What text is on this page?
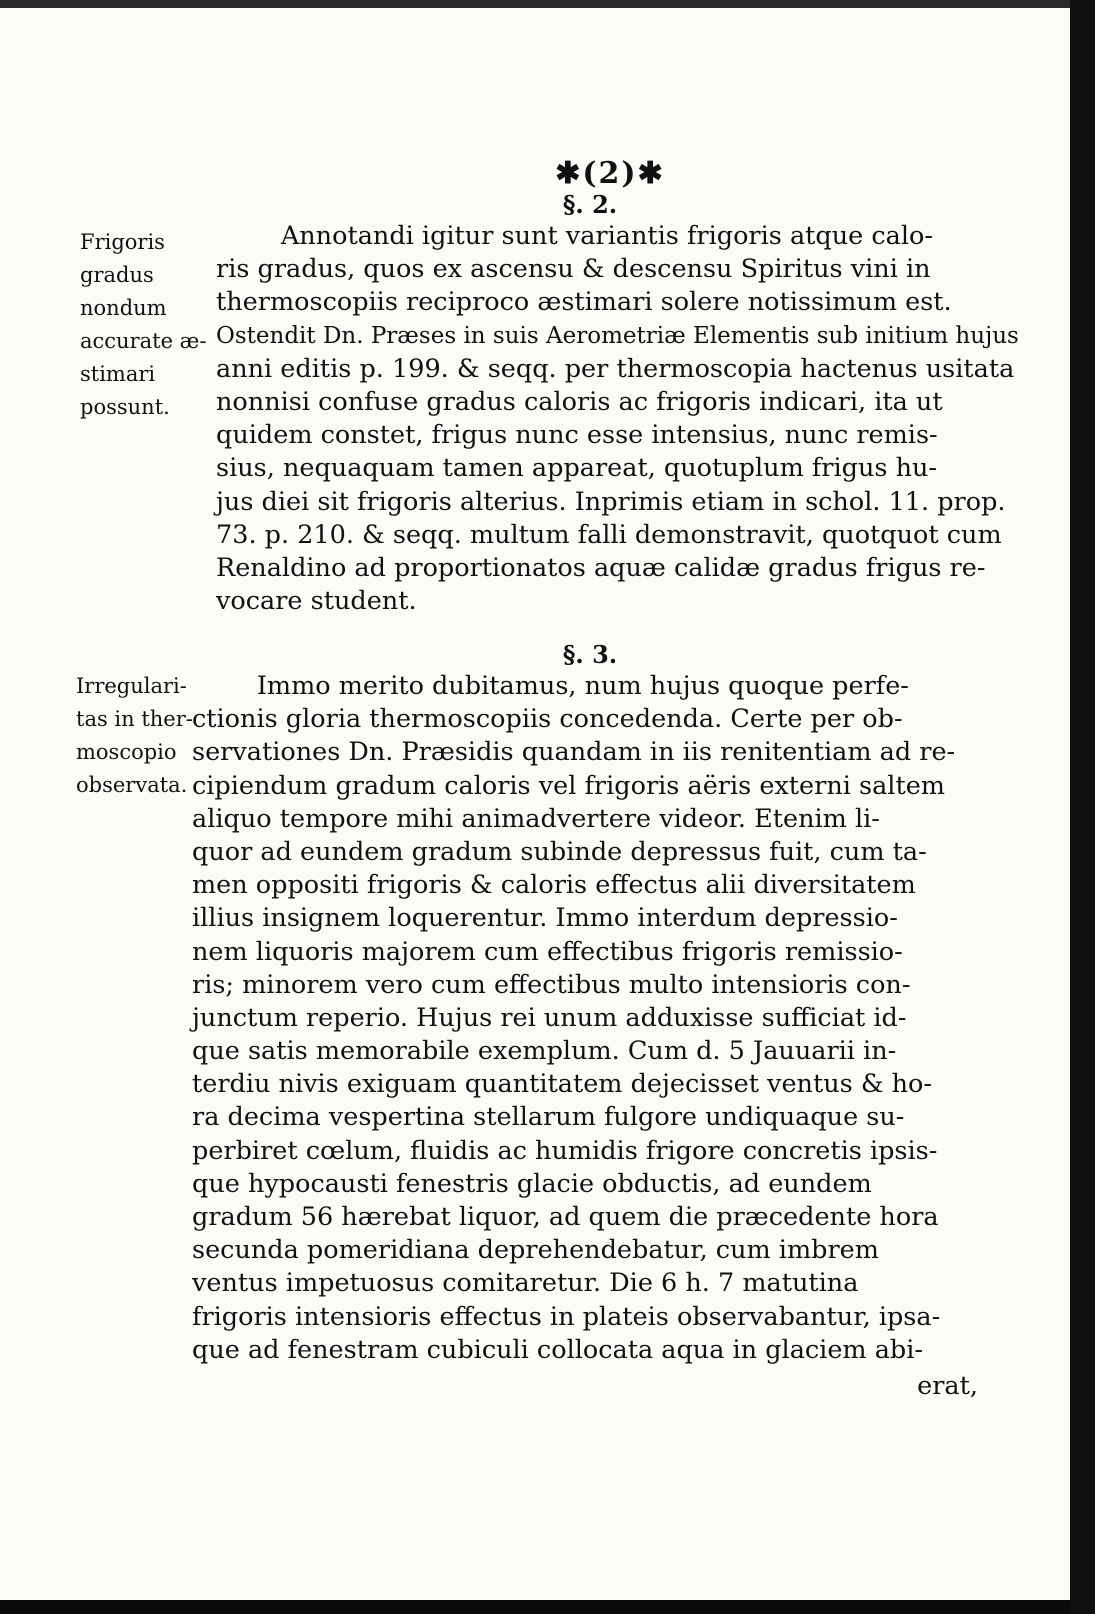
✱(2)✱
§. 2.
Frigoris
gradus
nondum
accurate æ-
stimari
possunt.
Annotandi igitur sunt variantis frigoris atque calo-
ris gradus, quos ex ascensu & descensu Spiritus vini in
thermoscopiis reciproco æstimari solere notissimum est.
Ostendit Dn. Præses in suis Aerometriæ Elementis sub initium hujus
anni editis p. 199. & seqq. per thermoscopia hactenus usitata
nonnisi confuse gradus caloris ac frigoris indicari, ita ut
quidem constet, frigus nunc esse intensius, nunc remis-
sius, nequaquam tamen appareat, quotuplum frigus hu-
jus diei sit frigoris alterius. Inprimis etiam in schol. 11. prop.
73. p. 210. & seqq. multum falli demonstravit, quotquot cum
Renaldino ad proportionatos aquæ calidæ gradus frigus re-
vocare student.
§. 3.
Irregulari-
tas in ther-
moscopio
observata.
Immo merito dubitamus, num hujus quoque perfe-
ctionis gloria thermoscopiis concedenda. Certe per ob-
servationes Dn. Præsidis quandam in iis renitentiam ad re-
cipiendum gradum caloris vel frigoris aëris externi saltem
aliquo tempore mihi animadvertere videor. Etenim li-
quor ad eundem gradum subinde depressus fuit, cum ta-
men oppositi frigoris & caloris effectus alii diversitatem
illius insignem loquerentur. Immo interdum depressio-
nem liquoris majorem cum effectibus frigoris remissio-
ris; minorem vero cum effectibus multo intensioris con-
junctum reperio. Hujus rei unum adduxisse sufficiat id-
que satis memorabile exemplum. Cum d. 5 Jauuarii in-
terdiu nivis exiguam quantitatem dejecisset ventus & ho-
ra decima vespertina stellarum fulgore undiquaque su-
perbiret cœlum, fluidis ac humidis frigore concretis ipsis-
que hypocausti fenestris glacie obductis, ad eundem
gradum 56 hærebat liquor, ad quem die præcedente hora
secunda pomeridiana deprehendebatur, cum imbrem
ventus impetuosus comitaretur. Die 6 h. 7 matutina
frigoris intensioris effectus in plateis observabantur, ipsa-
que ad fenestram cubiculi collocata aqua in glaciem abi-
erat,
